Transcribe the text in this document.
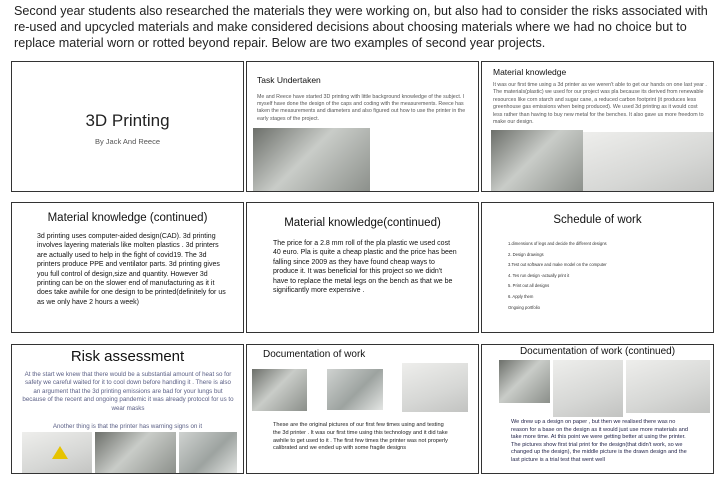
Second year students also researched the materials they were working on, but also had to consider the risks associated with re-used and upcycled materials and make considered decisions about choosing materials where we had no choice but to replace material worn or rotted beyond repair. Below are two examples of second year projects.
3D Printing
By Jack And Reece
Task Undertaken
Me and Reece have started 3D printing with little background knowledge of the subject. I myself have done the design of the caps and coding with the measurements. Reece has taken the measurements and diameters and also figured out how to use the printer in the early stages of the project.
Material knowledge
It was our first time using a 3d printer as we weren't able to get our hands on one last year . The materials(plastic) we used for our project was pla because its derived from renewable resources like corn starch and sugar cane, a reduced carbon footprint (it produces less greenhouse gas emissions when being produced). We used 3d printing as it would cost less rather than having to buy new metal for the benches. It also gave us more freedom to make our design.
Material knowledge (continued)
3d printing uses computer-aided design(CAD). 3d printing involves layering materials like molten plastics . 3d printers are actually used to help in the fight of covid19. The 3d printers produce PPE and ventilator parts. 3d printing gives you full control of design,size and quantity. However 3d printing can be on the slower end of manufacturing as it it does take awhile for one design to be printed(definitely for us as we only have 2 hours a week)
Material knowledge(continued)
The price for a 2.8 mm roll of the pla plastic we used cost 40 euro. Pla is quite a cheap plastic and the price has been falling since 2009 as they have found cheap ways to produce it. It was beneficial for this project so we didn't have to replace the metal legs on the bench as that we be significantly more expensive .
Schedule of work
1.dimensions of legs and decide the different designs
2. Design drawings
3.Test out software and make model on the computer
4. Tes run design -actually print it
5. Print out all designs
6. Apply them
Ongoing portfolio
Risk assessment
At the start we knew that there would be a substantial amount of heat so for safety we careful waited for it to cool down before handling it . There is also an argument that the 3d printing emissions are bad for your lungs but because of the recent and ongoing pandemic it was already protocol for us to wear masks
Another thing is that the printer has warning signs on it
Documentation of work
These are the original pictures of our first few times using and testing the 3d printer . It was our first time using this technology and it did take awhile to get used to it . The first few times the printer was not properly calibrated and we ended up with some fragile designs
Documentation of work (continued)
We drew up a design on paper , but then we realised there was no reason for a base on the design as it would just use more materials and take more time. At this point we were getting better at using the printer. The pictures show first trial print for the design(that didn't work, so we changed up the design), the middle picture is the drawn design and the last picture is a trial test that went well
